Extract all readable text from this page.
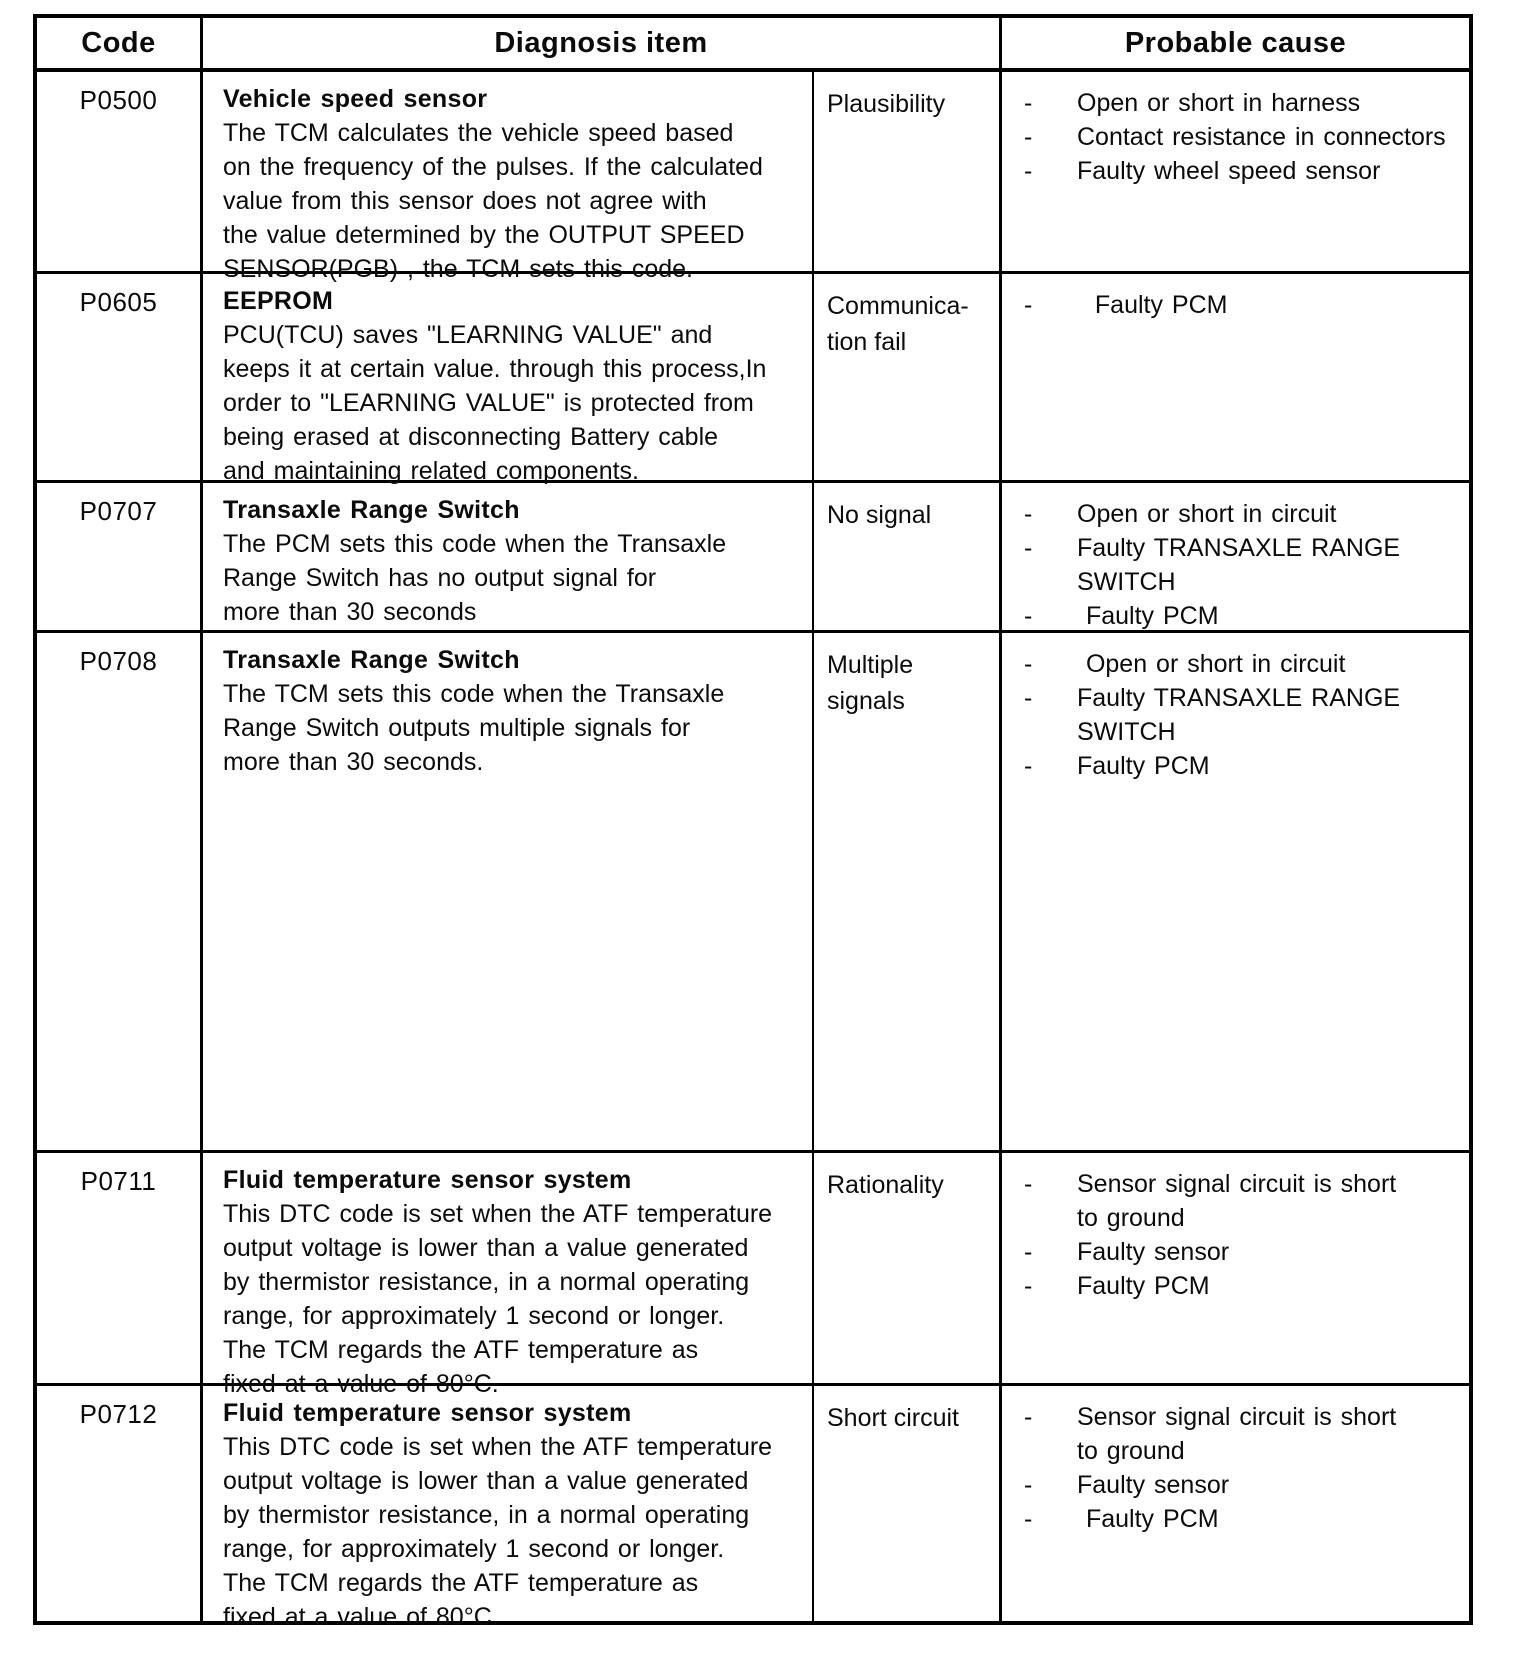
Code	Diagnosis item	Probable cause
P0500	Vehicle speed sensor
The TCM calculates the vehicle speed based
on the frequency of the pulses. If the calculated
value from this sensor does not agree with
the value determined by the OUTPUT SPEED
SENSOR(PGB) , the TCM sets this code.
Plausibility	-	Open or short in harness
-	Contact resistance in connectors
-	Faulty wheel speed sensor
P0605	EEPROM
PCU(TCU) saves "LEARNING VALUE" and
keeps it at certain value. through this process,In
order to "LEARNING VALUE" is protected from
being erased at disconnecting Battery cable
and maintaining related components.
Communica-
tion fail
-	Faulty PCM
P0707	Transaxle Range Switch
The PCM sets this code when the Transaxle
Range Switch has no output signal for
more than 30 seconds
No signal	-	Open or short in circuit
-	Faulty TRANSAXLE RANGE
SWITCH
-	Faulty PCM
P0708	Transaxle Range Switch
The TCM sets this code when the Transaxle
Range Switch outputs multiple signals for
more than 30 seconds.
Multiple
signals
-	Open or short in circuit
-	Faulty TRANSAXLE RANGE
SWITCH
-	Faulty PCM
P0711	Fluid temperature sensor system
This DTC code is set when the ATF temperature
output voltage is lower than a value generated
by thermistor resistance, in a normal operating
range, for approximately 1 second or longer.
The TCM regards the ATF temperature as
fixed at a value of 80°C.
Rationality	-	Sensor signal circuit is short
to ground
-	Faulty sensor
-	Faulty PCM
P0712	Fluid temperature sensor system
This DTC code is set when the ATF temperature
output voltage is lower than a value generated
by thermistor resistance, in a normal operating
range, for approximately 1 second or longer.
The TCM regards the ATF temperature as
fixed at a value of 80°C.
Short circuit	-	Sensor signal circuit is short
to ground
-	Faulty sensor
-	Faulty PCM
